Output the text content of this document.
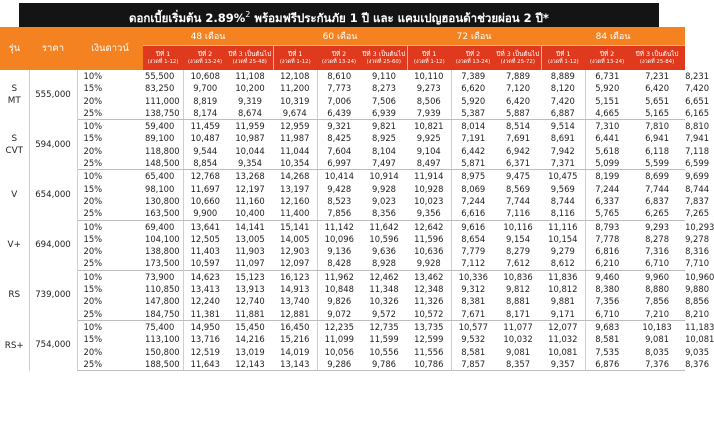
ดอกเบี้ยเริ่มต้น 2.89%$^2$ พร้อมฟรีประกันภัย 1 ปี และ แคมเปญฮอนด้าช่วยผ่อน 2 ปี*
รุ่น	ราคา	เงินดาวน์	48 เดือน			60 เดือน			72 เดือน			84 เดือน			
			ปีที่ 1
(งวดที่ 1-12)	ปีที่ 2
(งวดที่ 13-24)	ปีที่ 3 เป็นต้นไป
(งวดที่ 25-48)	ปีที่ 1
(งวดที่ 1-12)	ปีที่ 2
(งวดที่ 13-24)	ปีที่ 3 เป็นต้นไป
(งวดที่ 25-60)	ปีที่ 1
(งวดที่ 1-12)	ปีที่ 2
(งวดที่ 13-24)	ปีที่ 3 เป็นต้นไป
(งวดที่ 25-72)	ปีที่ 1
(งวดที่ 1-12)	ปีที่ 2
(งวดที่ 13-24)	ปีที่ 3 เป็นต้นไป
(งวดที่ 25-84)	

S
MT	555,000	10%	55,500	10,608	11,108	12,108	8,610	9,110	10,110	7,389	7,889	8,889	6,731	7,231	8,231
		15%	83,250	9,700	10,200	11,200	7,773	8,273	9,273	6,620	7,120	8,120	5,920	6,420	7,420
		20%	111,000	8,819	9,319	10,319	7,006	7,506	8,506	5,920	6,420	7,420	5,151	5,651	6,651
		25%	138,750	8,174	8,674	9,674	6,439	6,939	7,939	5,387	5,887	6,887	4,665	5,165	6,165

S
CVT	594,000	10%	59,400	11,459	11,959	12,959	9,321	9,821	10,821	8,014	8,514	9,514	7,310	7,810	8,810
		15%	89,100	10,487	10,987	11,987	8,425	8,925	9,925	7,191	7,691	8,691	6,441	6,941	7,941
		20%	118,800	9,544	10,044	11,044	7,604	8,104	9,104	6,442	6,942	7,942	5,618	6,118	7,118
		25%	148,500	8,854	9,354	10,354	6,997	7,497	8,497	5,871	6,371	7,371	5,099	5,599	6,599

V	654,000	10%	65,400	12,768	13,268	14,268	10,414	10,914	11,914	8,975	9,475	10,475	8,199	8,699	9,699
		15%	98,100	11,697	12,197	13,197	9,428	9,928	10,928	8,069	8,569	9,569	7,244	7,744	8,744
		20%	130,800	10,660	11,160	12,160	8,523	9,023	10,023	7,244	7,744	8,744	6,337	6,837	7,837
		25%	163,500	9,900	10,400	11,400	7,856	8,356	9,356	6,616	7,116	8,116	5,765	6,265	7,265

V+	694,000	10%	69,400	13,641	14,141	15,141	11,142	11,642	12,642	9,616	10,116	11,116	8,793	9,293	10,293
		15%	104,100	12,505	13,005	14,005	10,096	10,596	11,596	8,654	9,154	10,154	7,778	8,278	9,278
		20%	138,800	11,403	11,903	12,903	9,136	9,636	10,636	7,779	8,279	9,279	6,816	7,316	8,316
		25%	173,500	10,597	11,097	12,097	8,428	8,928	9,928	7,112	7,612	8,612	6,210	6,710	7,710

RS	739,000	10%	73,900	14,623	15,123	16,123	11,962	12,462	13,462	10,336	10,836	11,836	9,460	9,960	10,960
		15%	110,850	13,413	13,913	14,913	10,848	11,348	12,348	9,312	9,812	10,812	8,380	8,880	9,880
		20%	147,800	12,240	12,740	13,740	9,826	10,326	11,326	8,381	8,881	9,881	7,356	7,856	8,856
		25%	184,750	11,381	11,881	12,881	9,072	9,572	10,572	7,671	8,171	9,171	6,710	7,210	8,210

RS+	754,000	10%	75,400	14,950	15,450	16,450	12,235	12,735	13,735	10,577	11,077	12,077	9,683	10,183	11,183
		15%	113,100	13,716	14,216	15,216	11,099	11,599	12,599	9,532	10,032	11,032	8,581	9,081	10,081
		20%	150,800	12,519	13,019	14,019	10,056	10,556	11,556	8,581	9,081	10,081	7,535	8,035	9,035
		25%	188,500	11,643	12,143	13,143	9,286	9,786	10,786	7,857	8,357	9,357	6,876	7,376	8,376
